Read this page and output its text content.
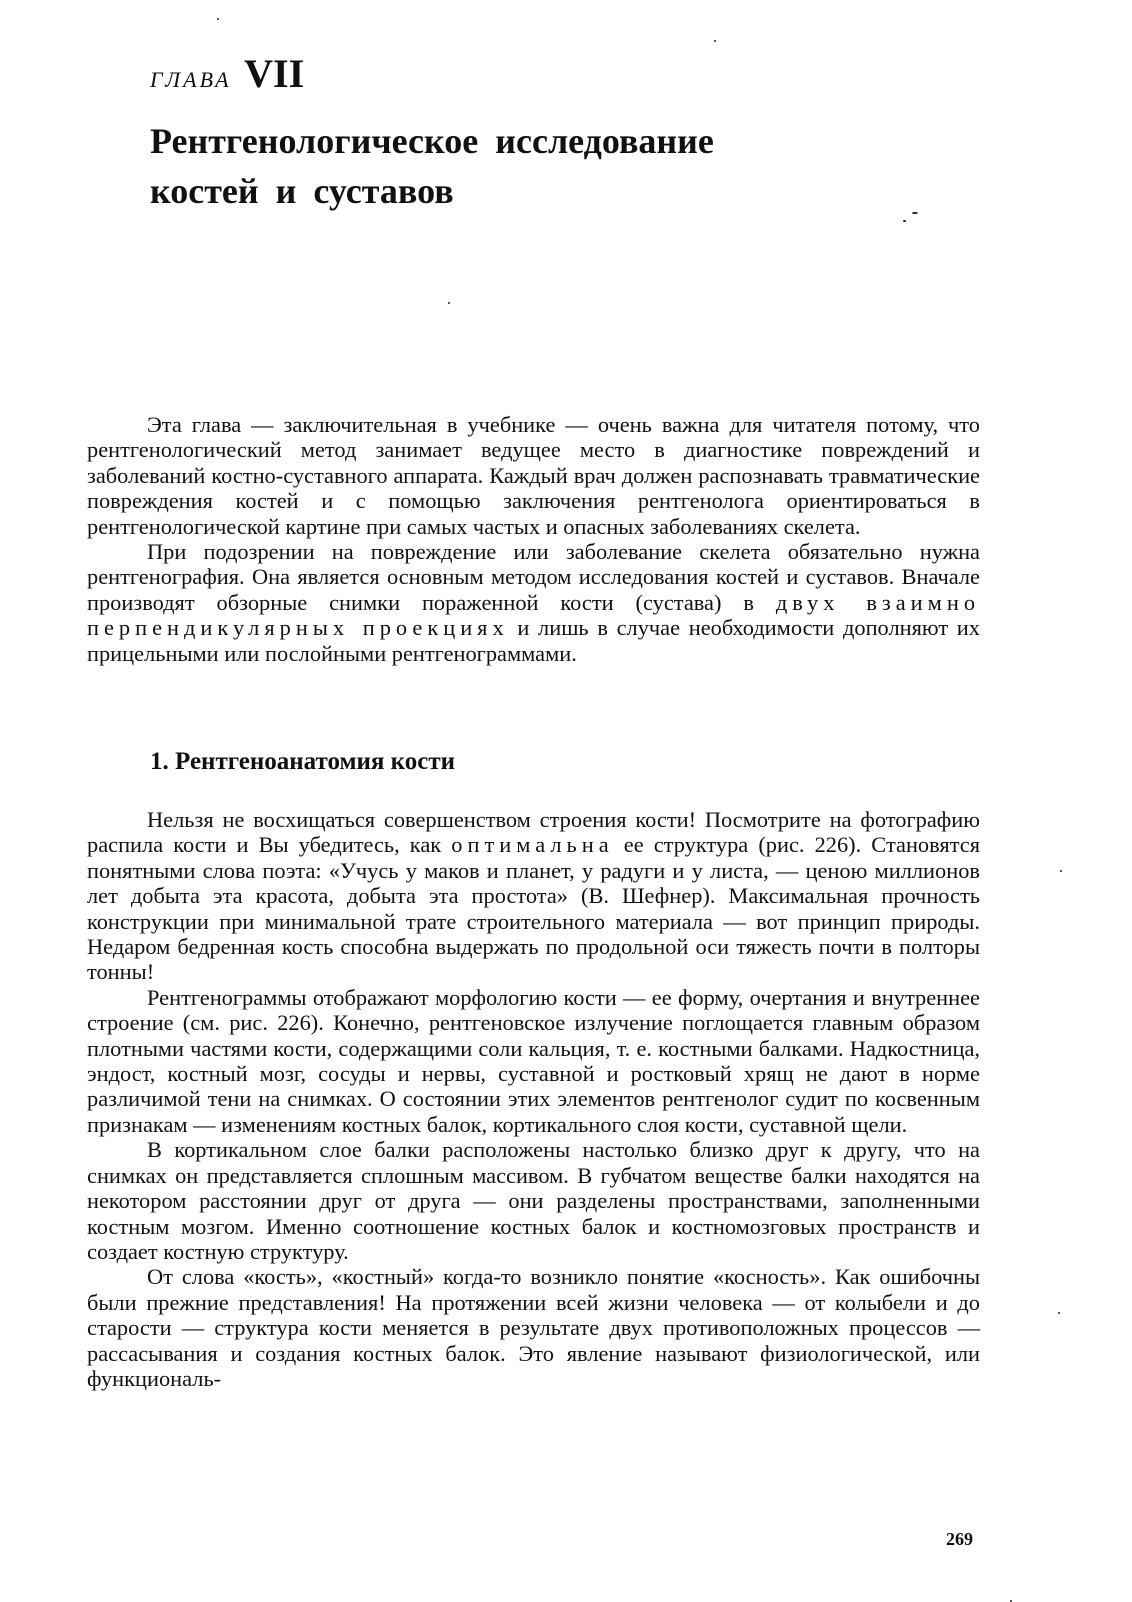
ГЛАВА VII
Рентгенологическое исследование
костей и суставов

Эта глава — заключительная в учебнике — очень важна для читателя потому, что рентгенологический метод занимает ведущее место в диагностике повреждений и заболеваний костно-суставного аппарата. Каждый врач должен распознавать травматические повреждения костей и с помощью заключения рентгенолога ориентироваться в рентгенологической картине при самых частых и опасных заболеваниях скелета.

При подозрении на повреждение или заболевание скелета обязательно нужна рентгенография. Она является основным методом исследования костей и суставов. Вначале производят обзорные снимки пораженной кости (сустава) в двух взаимно перпендикулярных проекциях и лишь в случае необходимости дополняют их прицельными или послойными рентгенограммами.

1. Рентгеноанатомия кости

Нельзя не восхищаться совершенством строения кости! Посмотрите на фотографию распила кости и Вы убедитесь, как оптимальна ее структура (рис. 226). Становятся понятными слова поэта: «Учусь у маков и планет, у радуги и у листа, — ценою миллионов лет добыта эта красота, добыта эта простота» (В. Шефнер). Максимальная прочность конструкции при минимальной трате строительного материала — вот принцип природы. Недаром бедренная кость способна выдержать по продольной оси тяжесть почти в полторы тонны!

Рентгенограммы отображают морфологию кости — ее форму, очертания и внутреннее строение (см. рис. 226). Конечно, рентгеновское излучение поглощается главным образом плотными частями кости, содержащими соли кальция, т. е. костными балками. Надкостница, эндост, костный мозг, сосуды и нервы, суставной и ростковый хрящ не дают в норме различимой тени на снимках. О состоянии этих элементов рентгенолог судит по косвенным признакам — изменениям костных балок, кортикального слоя кости, суставной щели.

В кортикальном слое балки расположены настолько близко друг к другу, что на снимках он представляется сплошным массивом. В губчатом веществе балки находятся на некотором расстоянии друг от друга — они разделены пространствами, заполненными костным мозгом. Именно соотношение костных балок и костномозговых пространств и создает костную структуру.

От слова «кость», «костный» когда-то возникло понятие «косность». Как ошибочны были прежние представления! На протяжении всей жизни человека — от колыбели и до старости — структура кости меняется в результате двух противоположных процессов — рассасывания и создания костных балок. Это явление называют физиологической, или функциональ-

269
